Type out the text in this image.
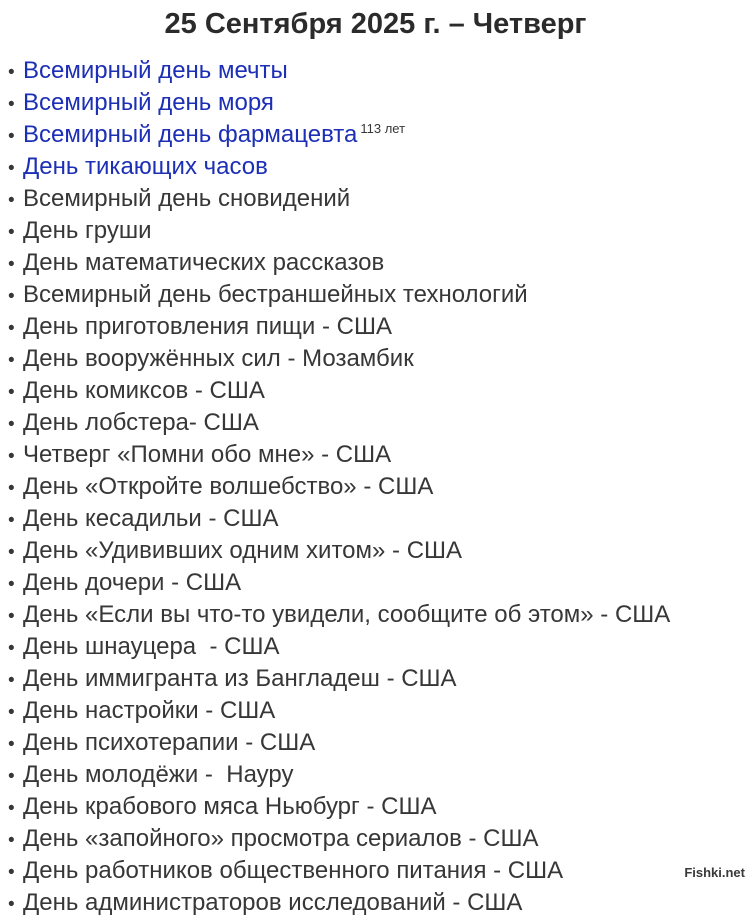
25 Сентября 2025 г. – Четверг
• Всемирный день мечты
• Всемирный день моря
• Всемирный день фармацевта$^{113 лет}$
• День тикающих часов
• Всемирный день сновидений
• День груши
• День математических рассказов
• Всемирный день бестраншейных технологий
• День приготовления пищи - США
• День вооружённых сил - Мозамбик
• День комиксов - США
• День лобстера- США
• Четверг «Помни обо мне» - США
• День «Откройте волшебство» - США
• День кесадильи - США
• День «Удививших одним хитом» - США
• День дочери - США
• День «Если вы что-то увидели, сообщите об этом» - США
• День шнауцера  - США
• День иммигранта из Бангладеш - США
• День настройки - США
• День психотерапии - США
• День молодёжи -  Науру
• День крабового мяса Ньюбург - США
• День «запойного» просмотра сериалов - США
• День работников общественного питания - США
• День администраторов исследований - США
Fishki.net
